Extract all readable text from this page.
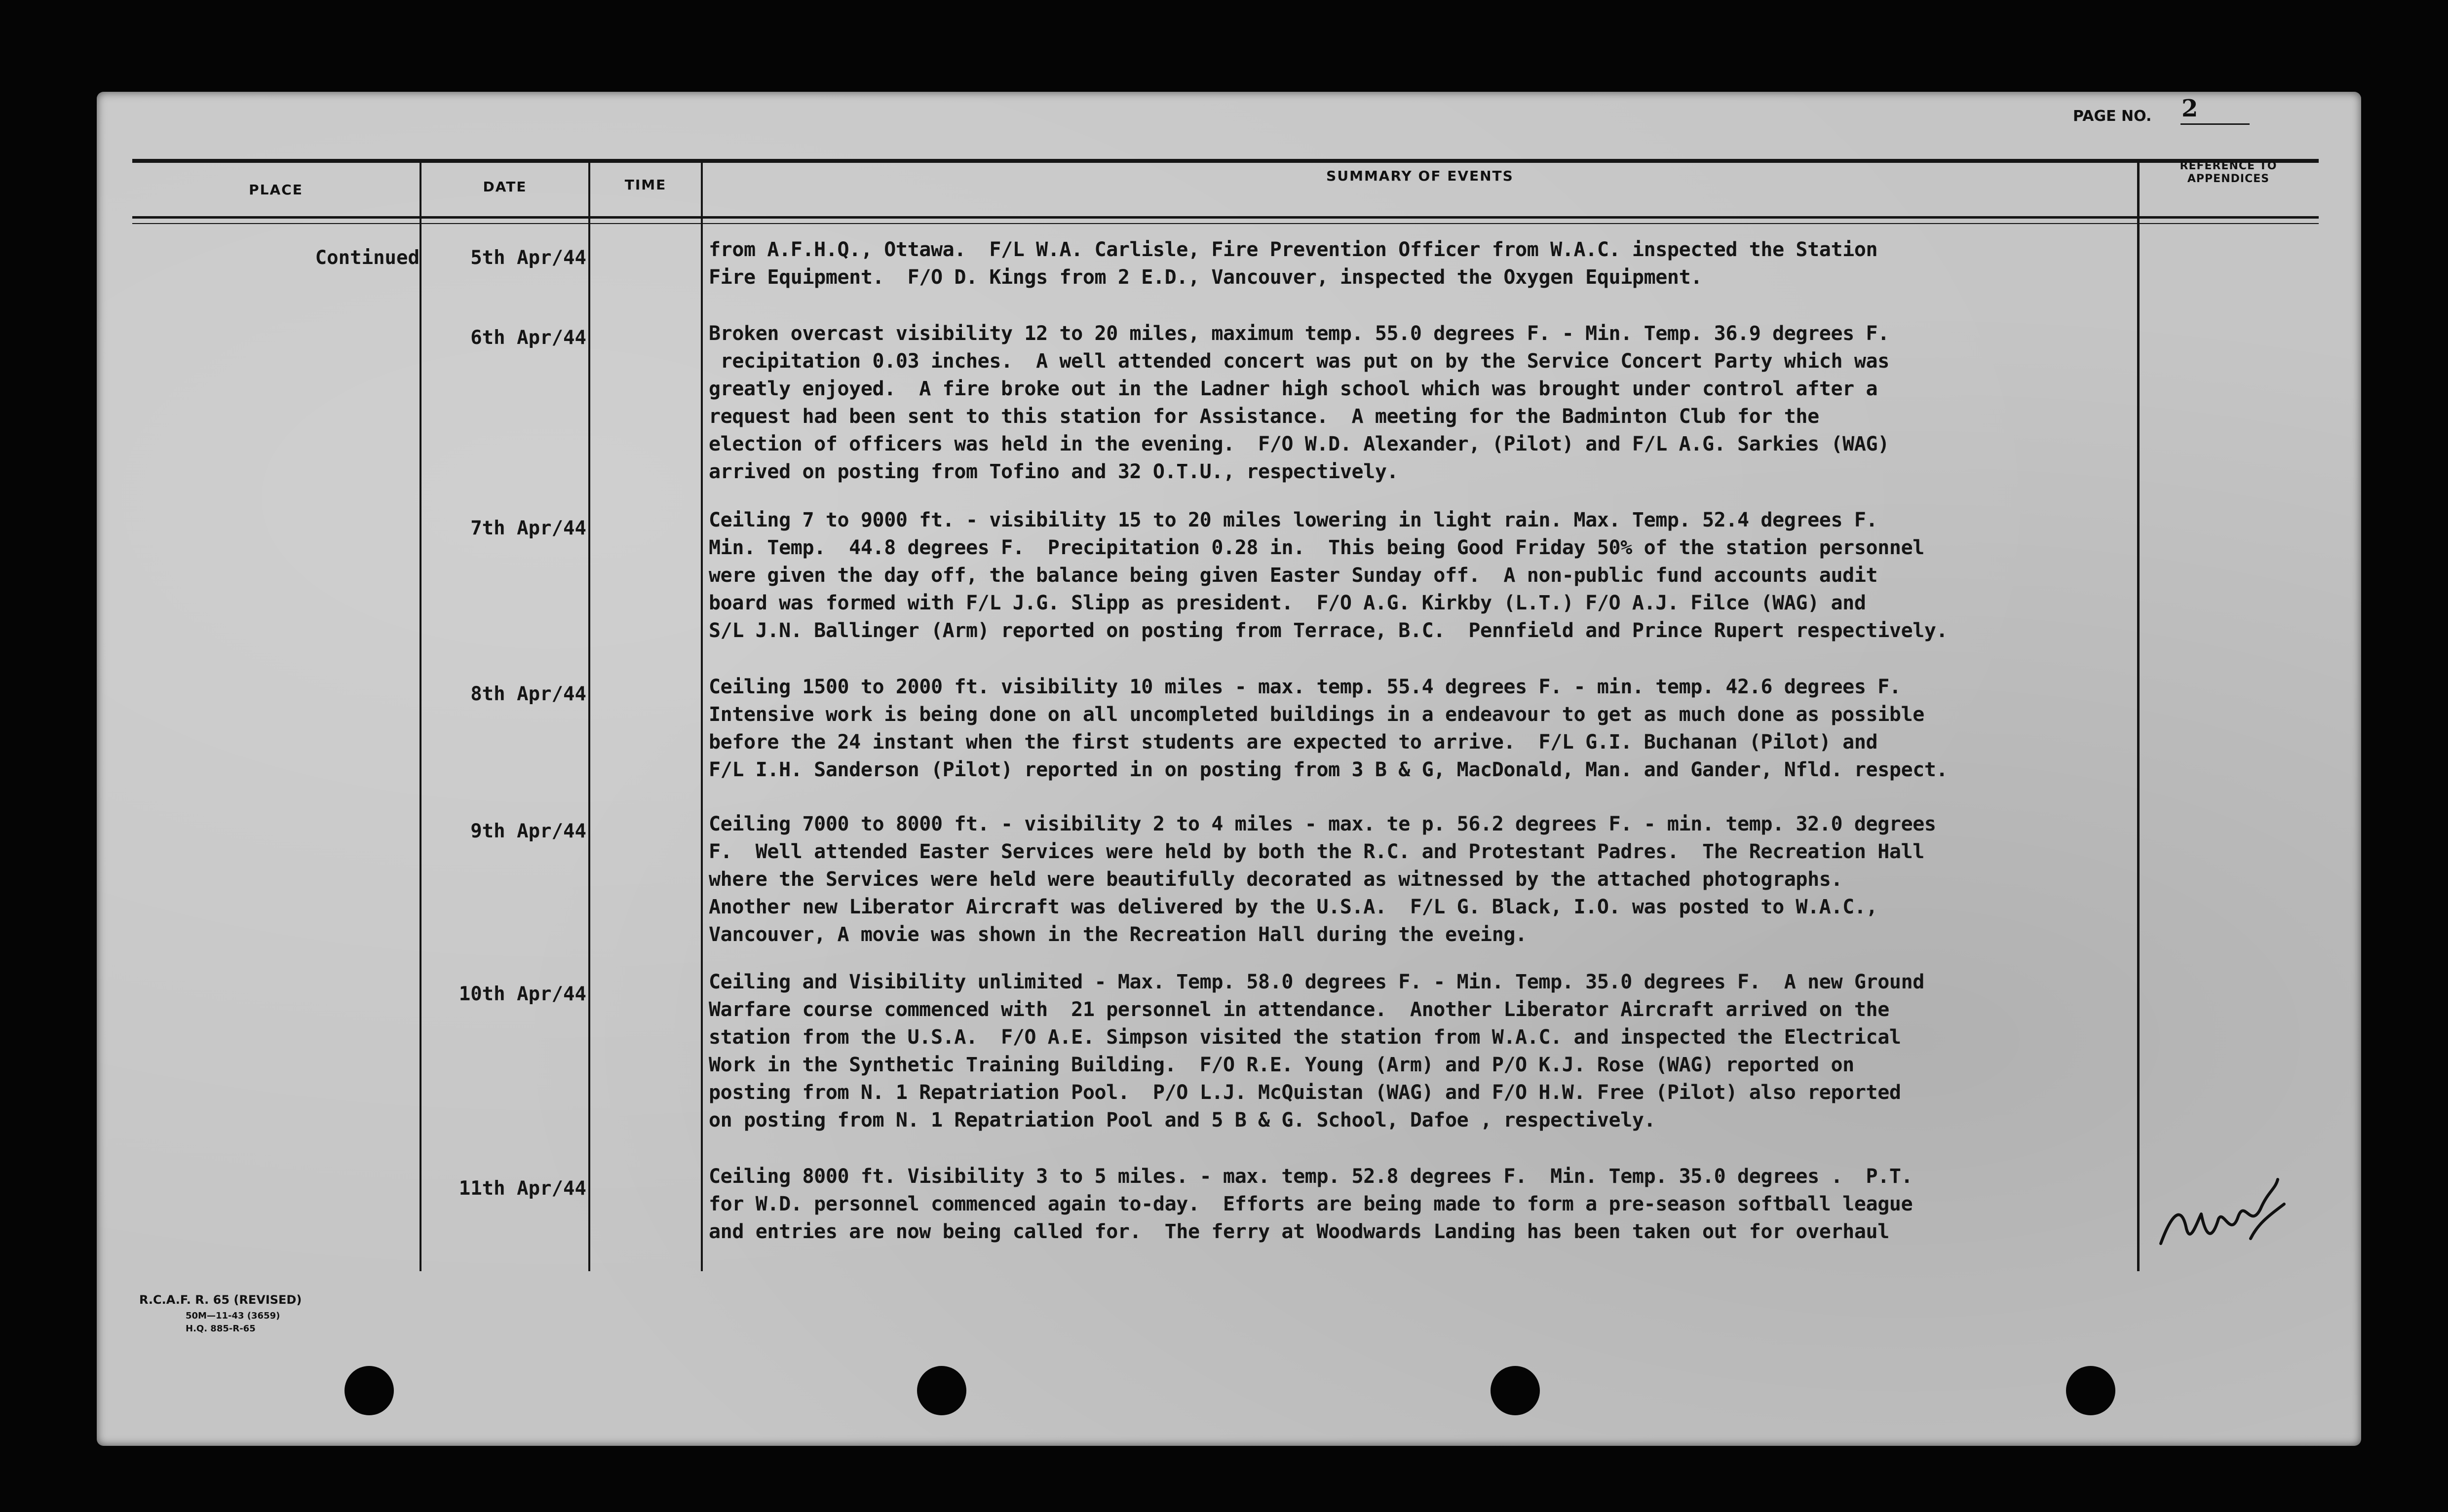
PAGE NO. 2
PLACE	DATE	TIME
SUMMARY OF EVENTS
REFERENCE TO
APPENDICES
Continued	5th Apr/44	from A.F.H.Q., Ottawa.  F/L W.A. Carlisle, Fire Prevention Officer from W.A.C. inspected the Station
Fire Equipment.  F/O D. Kings from 2 E.D., Vancouver, inspected the Oxygen Equipment.
6th Apr/44	Broken overcast visibility 12 to 20 miles, maximum temp. 55.0 degrees F. - Min. Temp. 36.9 degrees F.
recipitation 0.03 inches.  A well attended concert was put on by the Service Concert Party which was
greatly enjoyed.  A fire broke out in the Ladner high school which was brought under control after a
request had been sent to this station for Assistance.  A meeting for the Badminton Club for the
election of officers was held in the evening.  F/O W.D. Alexander, (Pilot) and F/L A.G. Sarkies (WAG)
arrived on posting from Tofino and 32 O.T.U., respectively.
7th Apr/44	Ceiling 7 to 9000 ft. - visibility 15 to 20 miles lowering in light rain. Max. Temp. 52.4 degrees F.
Min. Temp.  44.8 degrees F.  Precipitation 0.28 in.  This being Good Friday 50% of the station personnel
were given the day off, the balance being given Easter Sunday off.  A non-public fund accounts audit
board was formed with F/L J.G. Slipp as president.  F/O A.G. Kirkby (L.T.) F/O A.J. Filce (WAG) and
S/L J.N. Ballinger (Arm) reported on posting from Terrace, B.C.  Pennfield and Prince Rupert respectively.
8th Apr/44	Ceiling 1500 to 2000 ft. visibility 10 miles - max. temp. 55.4 degrees F. - min. temp. 42.6 degrees F.
Intensive work is being done on all uncompleted buildings in a endeavour to get as much done as possible
before the 24 instant when the first students are expected to arrive.  F/L G.I. Buchanan (Pilot) and
F/L I.H. Sanderson (Pilot) reported in on posting from 3 B & G, MacDonald, Man. and Gander, Nfld. respect.
9th Apr/44	Ceiling 7000 to 8000 ft. - visibility 2 to 4 miles - max. te p. 56.2 degrees F. - min. temp. 32.0 degrees
F.  Well attended Easter Services were held by both the R.C. and Protestant Padres.  The Recreation Hall
where the Services were held were beautifully decorated as witnessed by the attached photographs.
Another new Liberator Aircraft was delivered by the U.S.A.  F/L G. Black, I.O. was posted to W.A.C.,
Vancouver, A movie was shown in the Recreation Hall during the eveing.
10th Apr/44
Ceiling and Visibility unlimited - Max. Temp. 58.0 degrees F. - Min. Temp. 35.0 degrees F.  A new Ground
Warfare course commenced with  21 personnel in attendance.  Another Liberator Aircraft arrived on the
station from the U.S.A.  F/O A.E. Simpson visited the station from W.A.C. and inspected the Electrical
Work in the Synthetic Training Building.  F/O R.E. Young (Arm) and P/O K.J. Rose (WAG) reported on
posting from N. 1 Repatriation Pool.  P/O L.J. McQuistan (WAG) and F/O H.W. Free (Pilot) also reported
on posting from N. 1 Repatriation Pool and 5 B & G. School, Dafoe , respectively.
11th Apr/44
Ceiling 8000 ft. Visibility 3 to 5 miles. - max. temp. 52.8 degrees F.  Min. Temp. 35.0 degrees .  P.T.
for W.D. personnel commenced again to-day.  Efforts are being made to form a pre-season softball league
and entries are now being called for.  The ferry at Woodwards Landing has been taken out for overhaul
R.C.A.F. R. 65 (REVISED)
50M—11-43 (3659)
H.Q. 885-R-65
